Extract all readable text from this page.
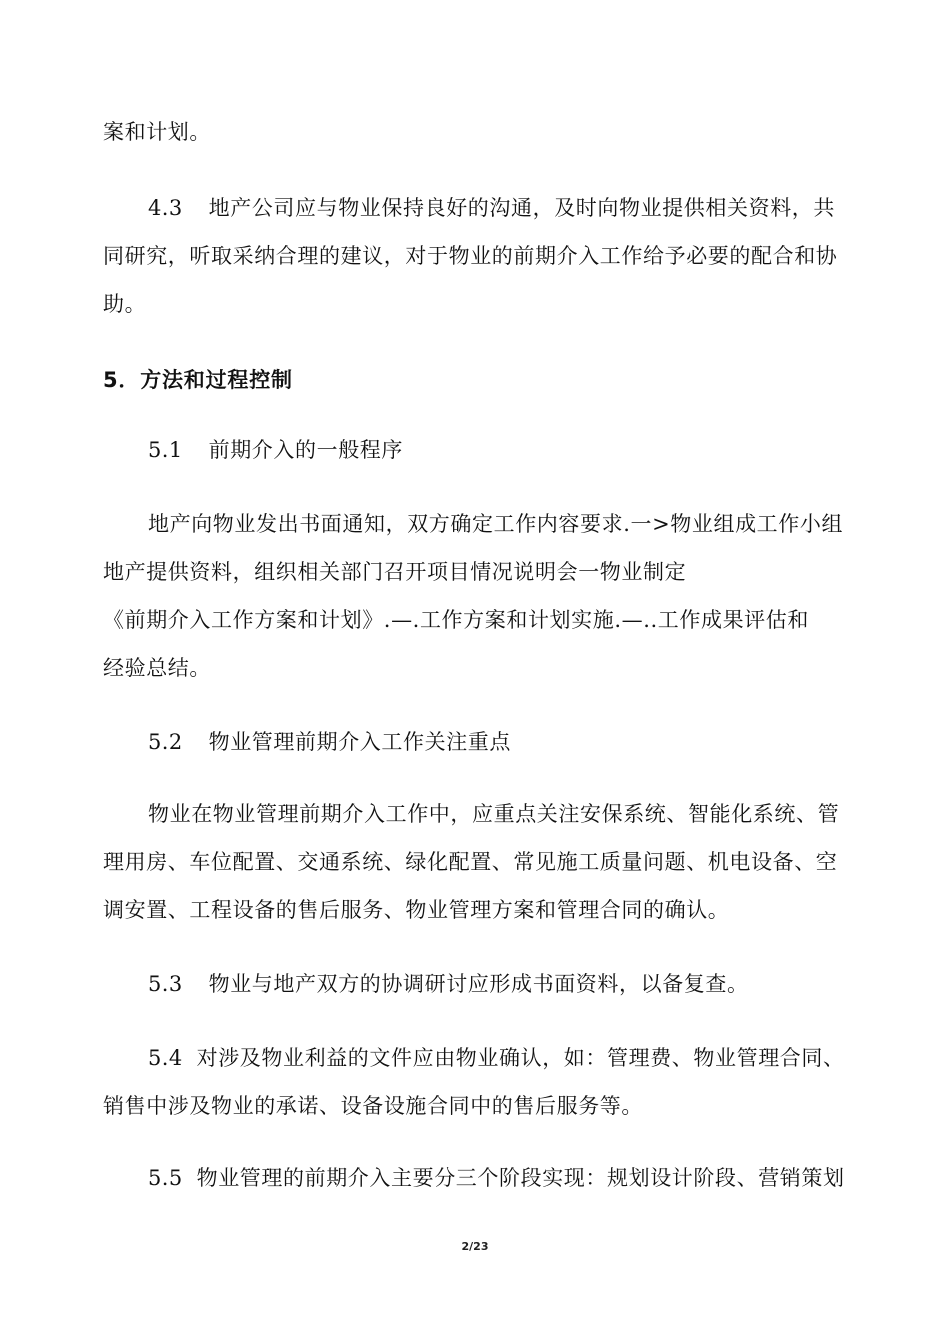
案和计划。
4.3 地产公司应与物业保持良好的沟通，及时向物业提供相关资料，共
同研究，听取采纳合理的建议，对于物业的前期介入工作给予必要的配合和协
助。
5．方法和过程控制
5.1 前期介入的一般程序
地产向物业发出书面通知，双方确定工作内容要求.一>物业组成工作小组
地产提供资料，组织相关部门召开项目情况说明会一物业制定
《前期介入工作方案和计划》.—.工作方案和计划实施.—..工作成果评估和
经验总结。
5.2 物业管理前期介入工作关注重点
物业在物业管理前期介入工作中，应重点关注安保系统、智能化系统、管
理用房、车位配置、交通系统、绿化配置、常见施工质量问题、机电设备、空
调安置、工程设备的售后服务、物业管理方案和管理合同的确认。
5.3 物业与地产双方的协调研讨应形成书面资料，以备复查。
5.4 对涉及物业利益的文件应由物业确认，如：管理费、物业管理合同、
销售中涉及物业的承诺、设备设施合同中的售后服务等。
5.5 物业管理的前期介入主要分三个阶段实现：规划设计阶段、营销策划
2/23
